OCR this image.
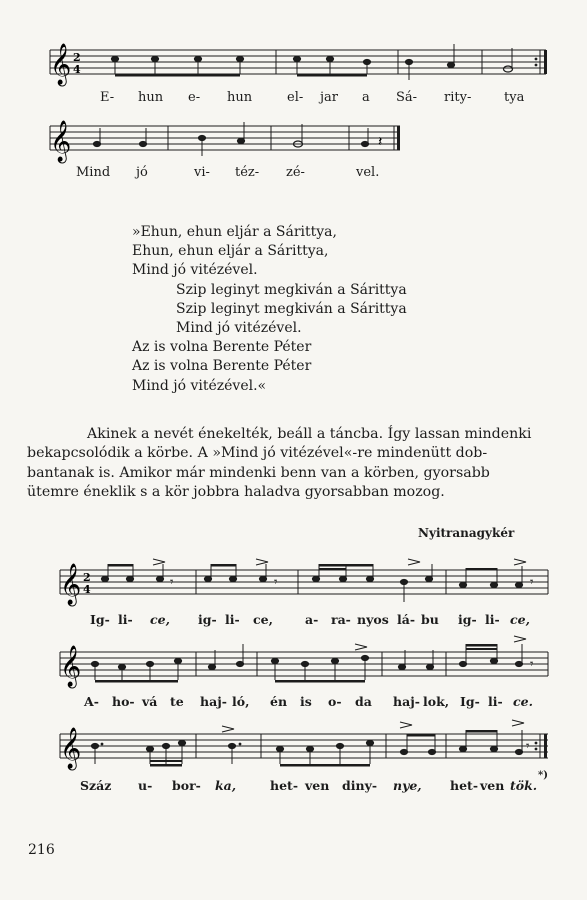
𝄞 2
4
E- hun e- hun	el- jar a Sá- rity-	tya
𝄞	𝄽
Mind jó	vi- téz- zé-	vel.
»Ehun, ehun eljár a Sárittya,
Ehun, ehun eljár a Sárittya,
Mind jó vitézével.
Szip leginyt megkiván a Sárittya
Szip leginyt megkiván a Sárittya
Mind jó vitézével.
Az is volna Berente Péter
Az is volna Berente Péter
Mind jó vitézével.«
Akinek a nevét énekelték, beáll a táncba. Így lassan mindenki
bekapcsolódik a körbe. A »Mind jó vitézével«-re mindenütt dob-
bantanak is. Amikor már mindenki benn van a körben, gyorsabb
ütemre éneklik s a kör jobbra haladva gyorsabban mozog.
Nyitranagykér
𝄞 2
4	𝄾	𝄾	𝄾
Ig- li- ce, ig- li- ce,	a- ra- nyos lá- bu ig- li- ce,
𝄞	𝄾
A- ho- vá te haj- ló, én is o- da haj- lok, Ig- li- ce.
𝄞	𝄾
Száz u- bor- ka,	het- ven diny- nye, het- ven tök.
*)
216
